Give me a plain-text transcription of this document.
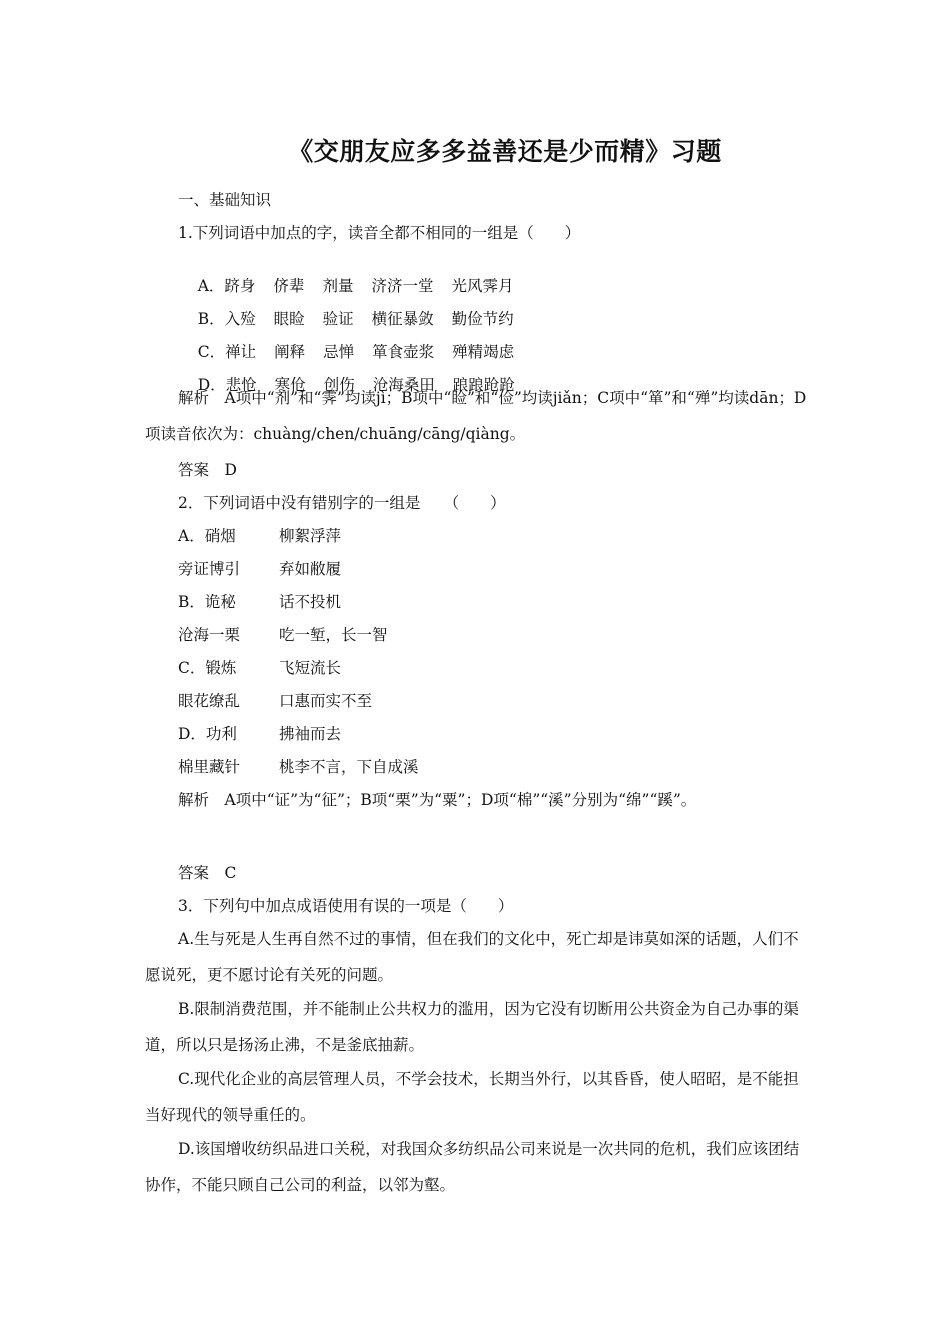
《交朋友应多多益善还是少而精》习题
一、基础知识
1.下列词语中加点的字，读音全都不相同的一组是（　　）

A．跻身 侪辈 剂量 济济一堂 光风霁月

B．入殓 眼睑 验证 横征暴敛 勤俭节约

C．禅让 阐释 忌惮 箪食壶浆 殚精竭虑

D．悲怆 寒伧 创伤 沧海桑田 踉踉跄跄

解析　A项中“剂”和“霁”均读jì；B项中“睑”和“俭”均读jiǎn；C项中“箪”和“殚”均读dān；D项读音依次为：chuàng/chen/chuāng/cāng/qiàng。
答案　D
2．下列词语中没有错别字的一组是　　（　　）
A．硝烟	柳絮浮萍
旁证博引	弃如敝履
B．诡秘	话不投机
沧海一栗	吃一堑，长一智
C．锻炼	飞短流长
眼花缭乱	口惠而实不至
D．功利	拂袖而去
棉里藏针	桃李不言，下自成溪
解析　A项中“证”为“征”；B项“栗”为“粟”；D项“棉”“溪”分别为“绵”“蹊”。
答案　C
3．下列句中加点成语使用有误的一项是（　　）
A.生与死是人生再自然不过的事情，但在我们的文化中，死亡却是讳莫如深的话题，人们不愿说死，更不愿讨论有关死的问题。
B.限制消费范围，并不能制止公共权力的滥用，因为它没有切断用公共资金为自己办事的渠道，所以只是扬汤止沸，不是釜底抽薪。
C.现代化企业的高层管理人员，不学会技术，长期当外行，以其昏昏，使人昭昭，是不能担当好现代的领导重任的。
D.该国增收纺织品进口关税，对我国众多纺织品公司来说是一次共同的危机，我们应该团结协作，不能只顾自己公司的利益，以邻为壑。
